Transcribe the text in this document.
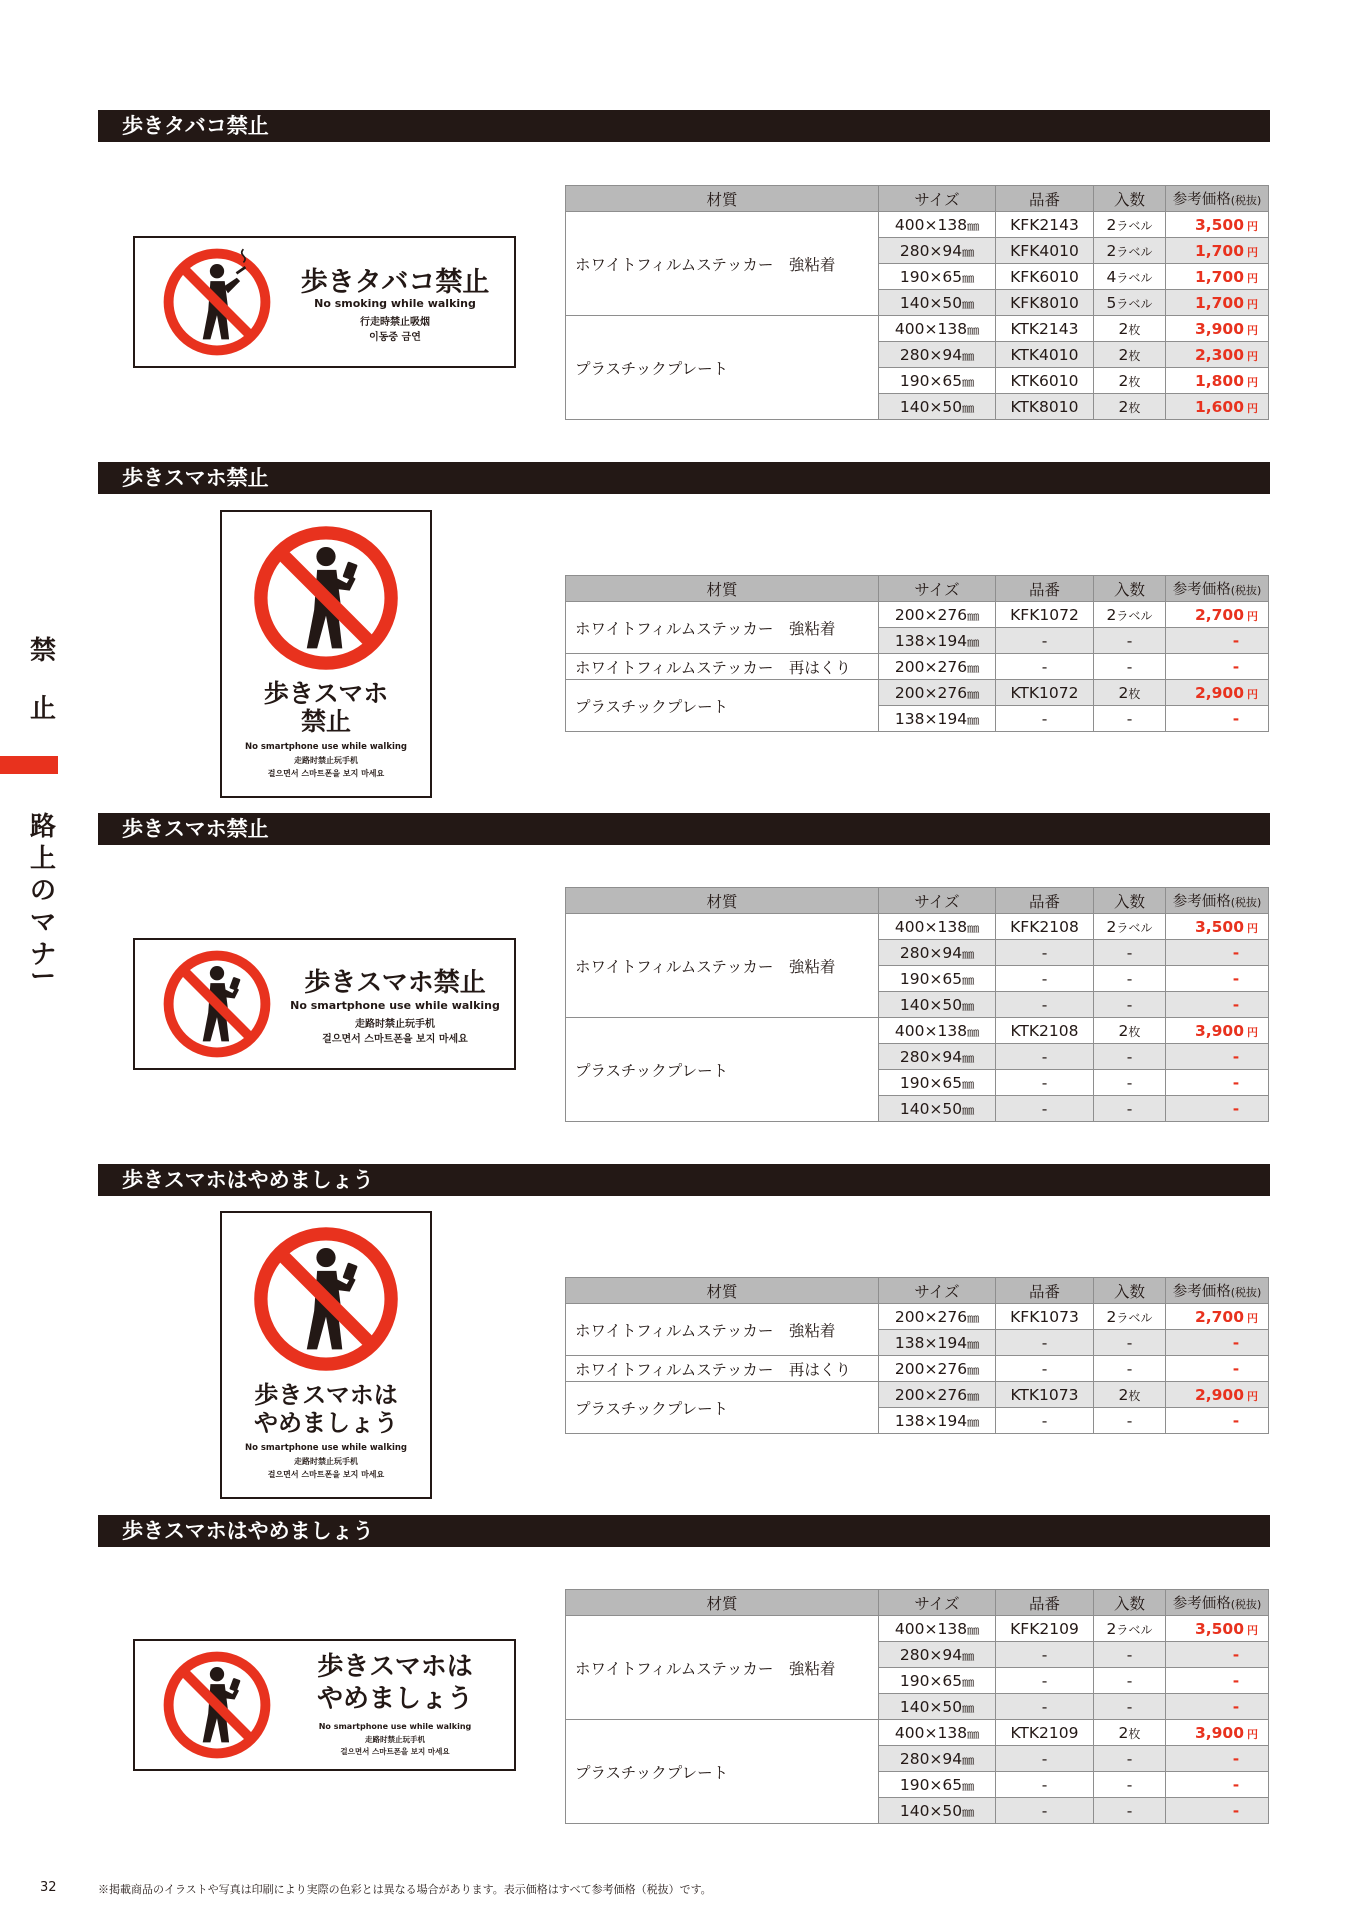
禁
止
路
上
の
マ
ナ
ー
歩きタバコ禁止
歩きタバコ禁止
No smoking while walking
行走時禁止吸烟
이동중 금연
材質	サイズ	品番	入数	参考価格(税抜)
ホワイトフィルムステッカー　強粘着	400×138㎜	KFK2143	2ラベル	3,500 円
	280×94㎜	KFK4010	2ラベル	1,700 円
	190×65㎜	KFK6010	4ラベル	1,700 円
	140×50㎜	KFK8010	5ラベル	1,700 円
プラスチックプレート	400×138㎜	KTK2143	2枚	3,900 円
	280×94㎜	KTK4010	2枚	2,300 円
	190×65㎜	KTK6010	2枚	1,800 円
	140×50㎜	KTK8010	2枚	1,600 円
歩きスマホ禁止
歩きスマホ
禁止
No smartphone use while walking
走路时禁止玩手机
걸으면서 스마트폰을 보지 마세요
材質	サイズ	品番	入数	参考価格(税抜)
ホワイトフィルムステッカー　強粘着	200×276㎜	KFK1072	2ラベル	2,700 円
	138×194㎜	-	-	-
ホワイトフィルムステッカー　再はくり	200×276㎜	-	-	-
プラスチックプレート	200×276㎜	KTK1072	2枚	2,900 円
	138×194㎜	-	-	-
歩きスマホ禁止
歩きスマホ禁止
No smartphone use while walking
走路时禁止玩手机
걸으면서 스마트폰을 보지 마세요
材質	サイズ	品番	入数	参考価格(税抜)
ホワイトフィルムステッカー　強粘着	400×138㎜	KFK2108	2ラベル	3,500 円
	280×94㎜	-	-	-
	190×65㎜	-	-	-
	140×50㎜	-	-	-
プラスチックプレート	400×138㎜	KTK2108	2枚	3,900 円
	280×94㎜	-	-	-
	190×65㎜	-	-	-
	140×50㎜	-	-	-
歩きスマホはやめましょう
歩きスマホは
やめましょう
No smartphone use while walking
走路时禁止玩手机
걸으면서 스마트폰을 보지 마세요
材質	サイズ	品番	入数	参考価格(税抜)
ホワイトフィルムステッカー　強粘着	200×276㎜	KFK1073	2ラベル	2,700 円
	138×194㎜	-	-	-
ホワイトフィルムステッカー　再はくり	200×276㎜	-	-	-
プラスチックプレート	200×276㎜	KTK1073	2枚	2,900 円
	138×194㎜	-	-	-
歩きスマホはやめましょう
歩きスマホは
やめましょう
No smartphone use while walking
走路时禁止玩手机
걸으면서 스마트폰을 보지 마세요
材質	サイズ	品番	入数	参考価格(税抜)
ホワイトフィルムステッカー　強粘着	400×138㎜	KFK2109	2ラベル	3,500 円
	280×94㎜	-	-	-
	190×65㎜	-	-	-
	140×50㎜	-	-	-
プラスチックプレート	400×138㎜	KTK2109	2枚	3,900 円
	280×94㎜	-	-	-
	190×65㎜	-	-	-
	140×50㎜	-	-	-
32	※掲載商品のイラストや写真は印刷により実際の色彩とは異なる場合があります。表示価格はすべて参考価格（税抜）です。
